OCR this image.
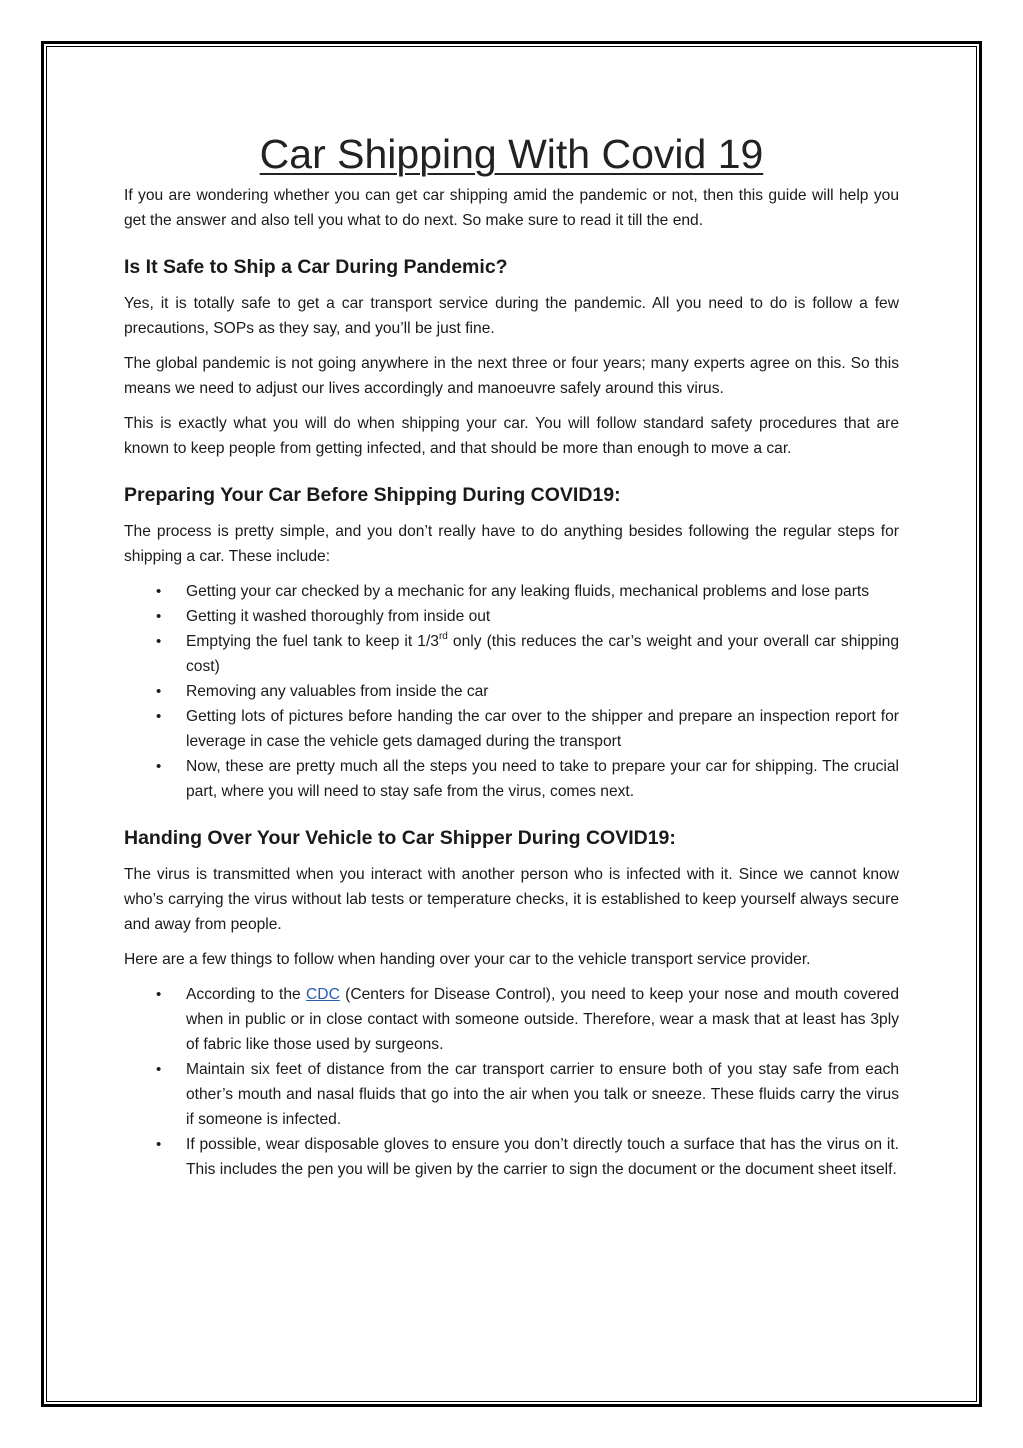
Car Shipping With Covid 19

If you are wondering whether you can get car shipping amid the pandemic or not, then this guide will help you get the answer and also tell you what to do next. So make sure to read it till the end.

Is It Safe to Ship a Car During Pandemic?

Yes, it is totally safe to get a car transport service during the pandemic. All you need to do is follow a few precautions, SOPs as they say, and you’ll be just fine.

The global pandemic is not going anywhere in the next three or four years; many experts agree on this. So this means we need to adjust our lives accordingly and manoeuvre safely around this virus.

This is exactly what you will do when shipping your car. You will follow standard safety procedures that are known to keep people from getting infected, and that should be more than enough to move a car.

Preparing Your Car Before Shipping During COVID19:

The process is pretty simple, and you don’t really have to do anything besides following the regular steps for shipping a car. These include:

• Getting your car checked by a mechanic for any leaking fluids, mechanical problems and lose parts
• Getting it washed thoroughly from inside out
• Emptying the fuel tank to keep it 1/3rd only (this reduces the car’s weight and your overall car shipping cost)
• Removing any valuables from inside the car
• Getting lots of pictures before handing the car over to the shipper and prepare an inspection report for leverage in case the vehicle gets damaged during the transport
• Now, these are pretty much all the steps you need to take to prepare your car for shipping. The crucial part, where you will need to stay safe from the virus, comes next.
Handing Over Your Vehicle to Car Shipper During COVID19:

The virus is transmitted when you interact with another person who is infected with it. Since we cannot know who’s carrying the virus without lab tests or temperature checks, it is established to keep yourself always secure and away from people.

Here are a few things to follow when handing over your car to the vehicle transport service provider.

• According to the CDC (Centers for Disease Control), you need to keep your nose and mouth covered when in public or in close contact with someone outside. Therefore, wear a mask that at least has 3ply of fabric like those used by surgeons.
• Maintain six feet of distance from the car transport carrier to ensure both of you stay safe from each other’s mouth and nasal fluids that go into the air when you talk or sneeze. These fluids carry the virus if someone is infected.
• If possible, wear disposable gloves to ensure you don’t directly touch a surface that has the virus on it. This includes the pen you will be given by the carrier to sign the document or the document sheet itself.
